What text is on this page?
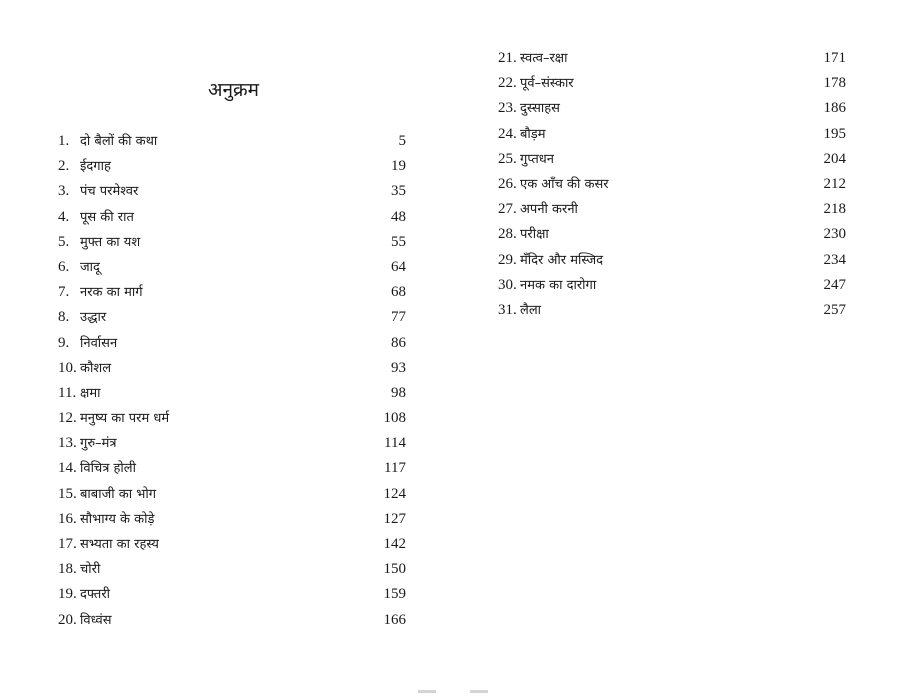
अनुक्रम
1. दो बैलों की कथा	5
2. ईदगाह	19
3. पंच परमेश्वर	35
4. पूस की रात	48
5. मुफ्त का यश	55
6. जादू	64
7. नरक का मार्ग	68
8. उद्धार	77
9. निर्वासन	86
10. कौशल	93
11. क्षमा	98
12. मनुष्य का परम धर्म	108
13. गुरु–मंत्र	114
14. विचित्र होली	117
15. बाबाजी का भोग	124
16. सौभाग्य के कोड़े	127
17. सभ्यता का रहस्य	142
18. चोरी	150
19. दफ्तरी	159
20. विध्वंस	166
21. स्वत्व–रक्षा	171
22. पूर्व–संस्कार	178
23. दुस्साहस	186
24. बौड़म	195
25. गुप्तधन	204
26. एक आँच की कसर	212
27. अपनी करनी	218
28. परीक्षा	230
29. मँदिर और मस्जिद	234
30. नमक का दारोगा	247
31. लैला	257
